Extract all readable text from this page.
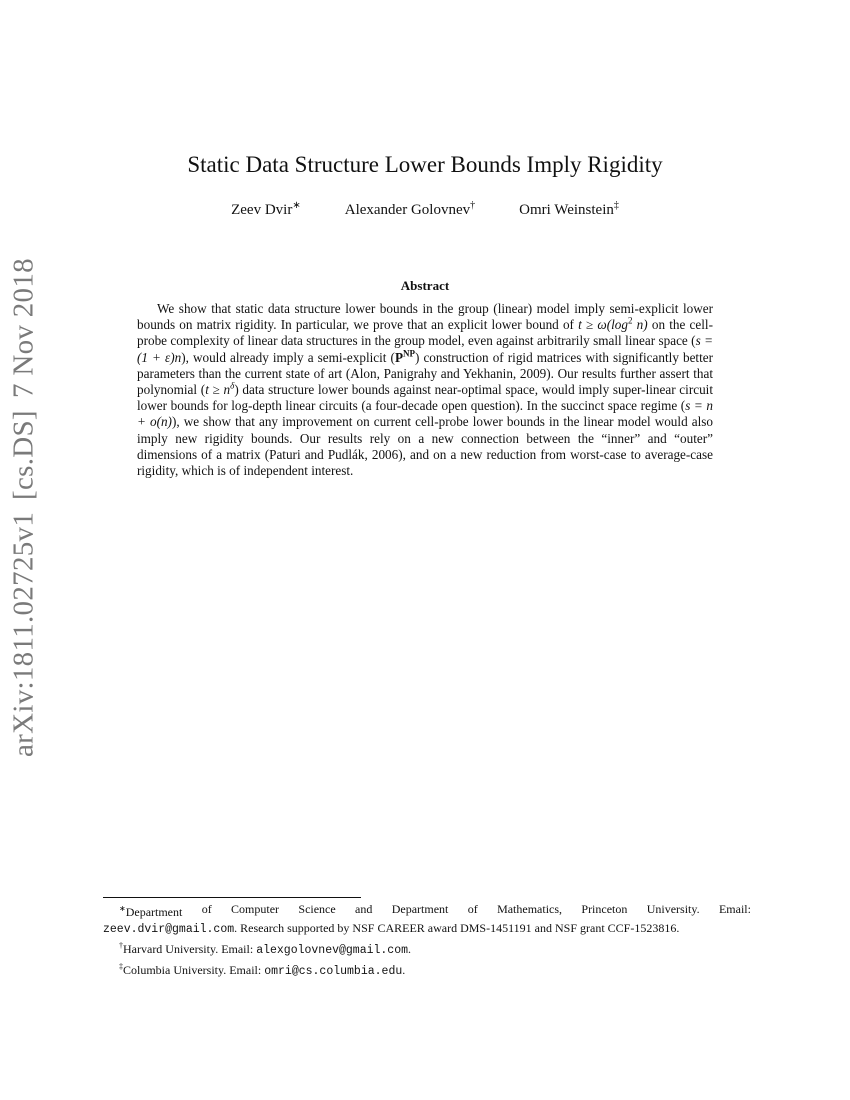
arXiv:1811.02725v1
[cs.DS]
7 Nov 2018
Static Data Structure Lower Bounds Imply Rigidity
Zeev Dvir∗	Alexander Golovnev†	Omri Weinstein‡
Abstract
We show that static data structure lower bounds in the group (linear) model imply semi-explicit lower bounds on matrix rigidity. In particular, we prove that an explicit lower bound of $t \ge \omega(\log^2$ n) on the cell-probe complexity of linear data structures in the group model, even against arbitrarily small linear space (s = (1 + ε)n), would already imply a semi-explicit $(P^{NP})$ construction of rigid matrices with significantly better parameters than the current state of art (Alon, Panigrahy and Yekhanin, 2009). Our results further assert that polynomial $(t \ge n^\delta)$ data structure lower bounds against near-optimal space, would imply super-linear circuit lower bounds for log-depth linear circuits (a four-decade open question). In the succinct space regime (s = n + o(n)), we show that any improvement on current cell-probe lower bounds in the linear model would also imply new rigidity bounds. Our results rely on a new connection between the “inner” and “outer” dimensions of a matrix (Paturi and Pudlák, 2006), and on a new reduction from worst-case to average-case rigidity, which is of independent interest.
∗Department of Computer Science and Department of Mathematics, Princeton University. Email:

zeev.dvir@gmail.com. Research supported by NSF CAREER award DMS-1451191 and NSF grant CCF-1523816.

†Harvard University. Email: alexgolovnev@gmail.com.

‡Columbia University. Email: omri@cs.columbia.edu.
